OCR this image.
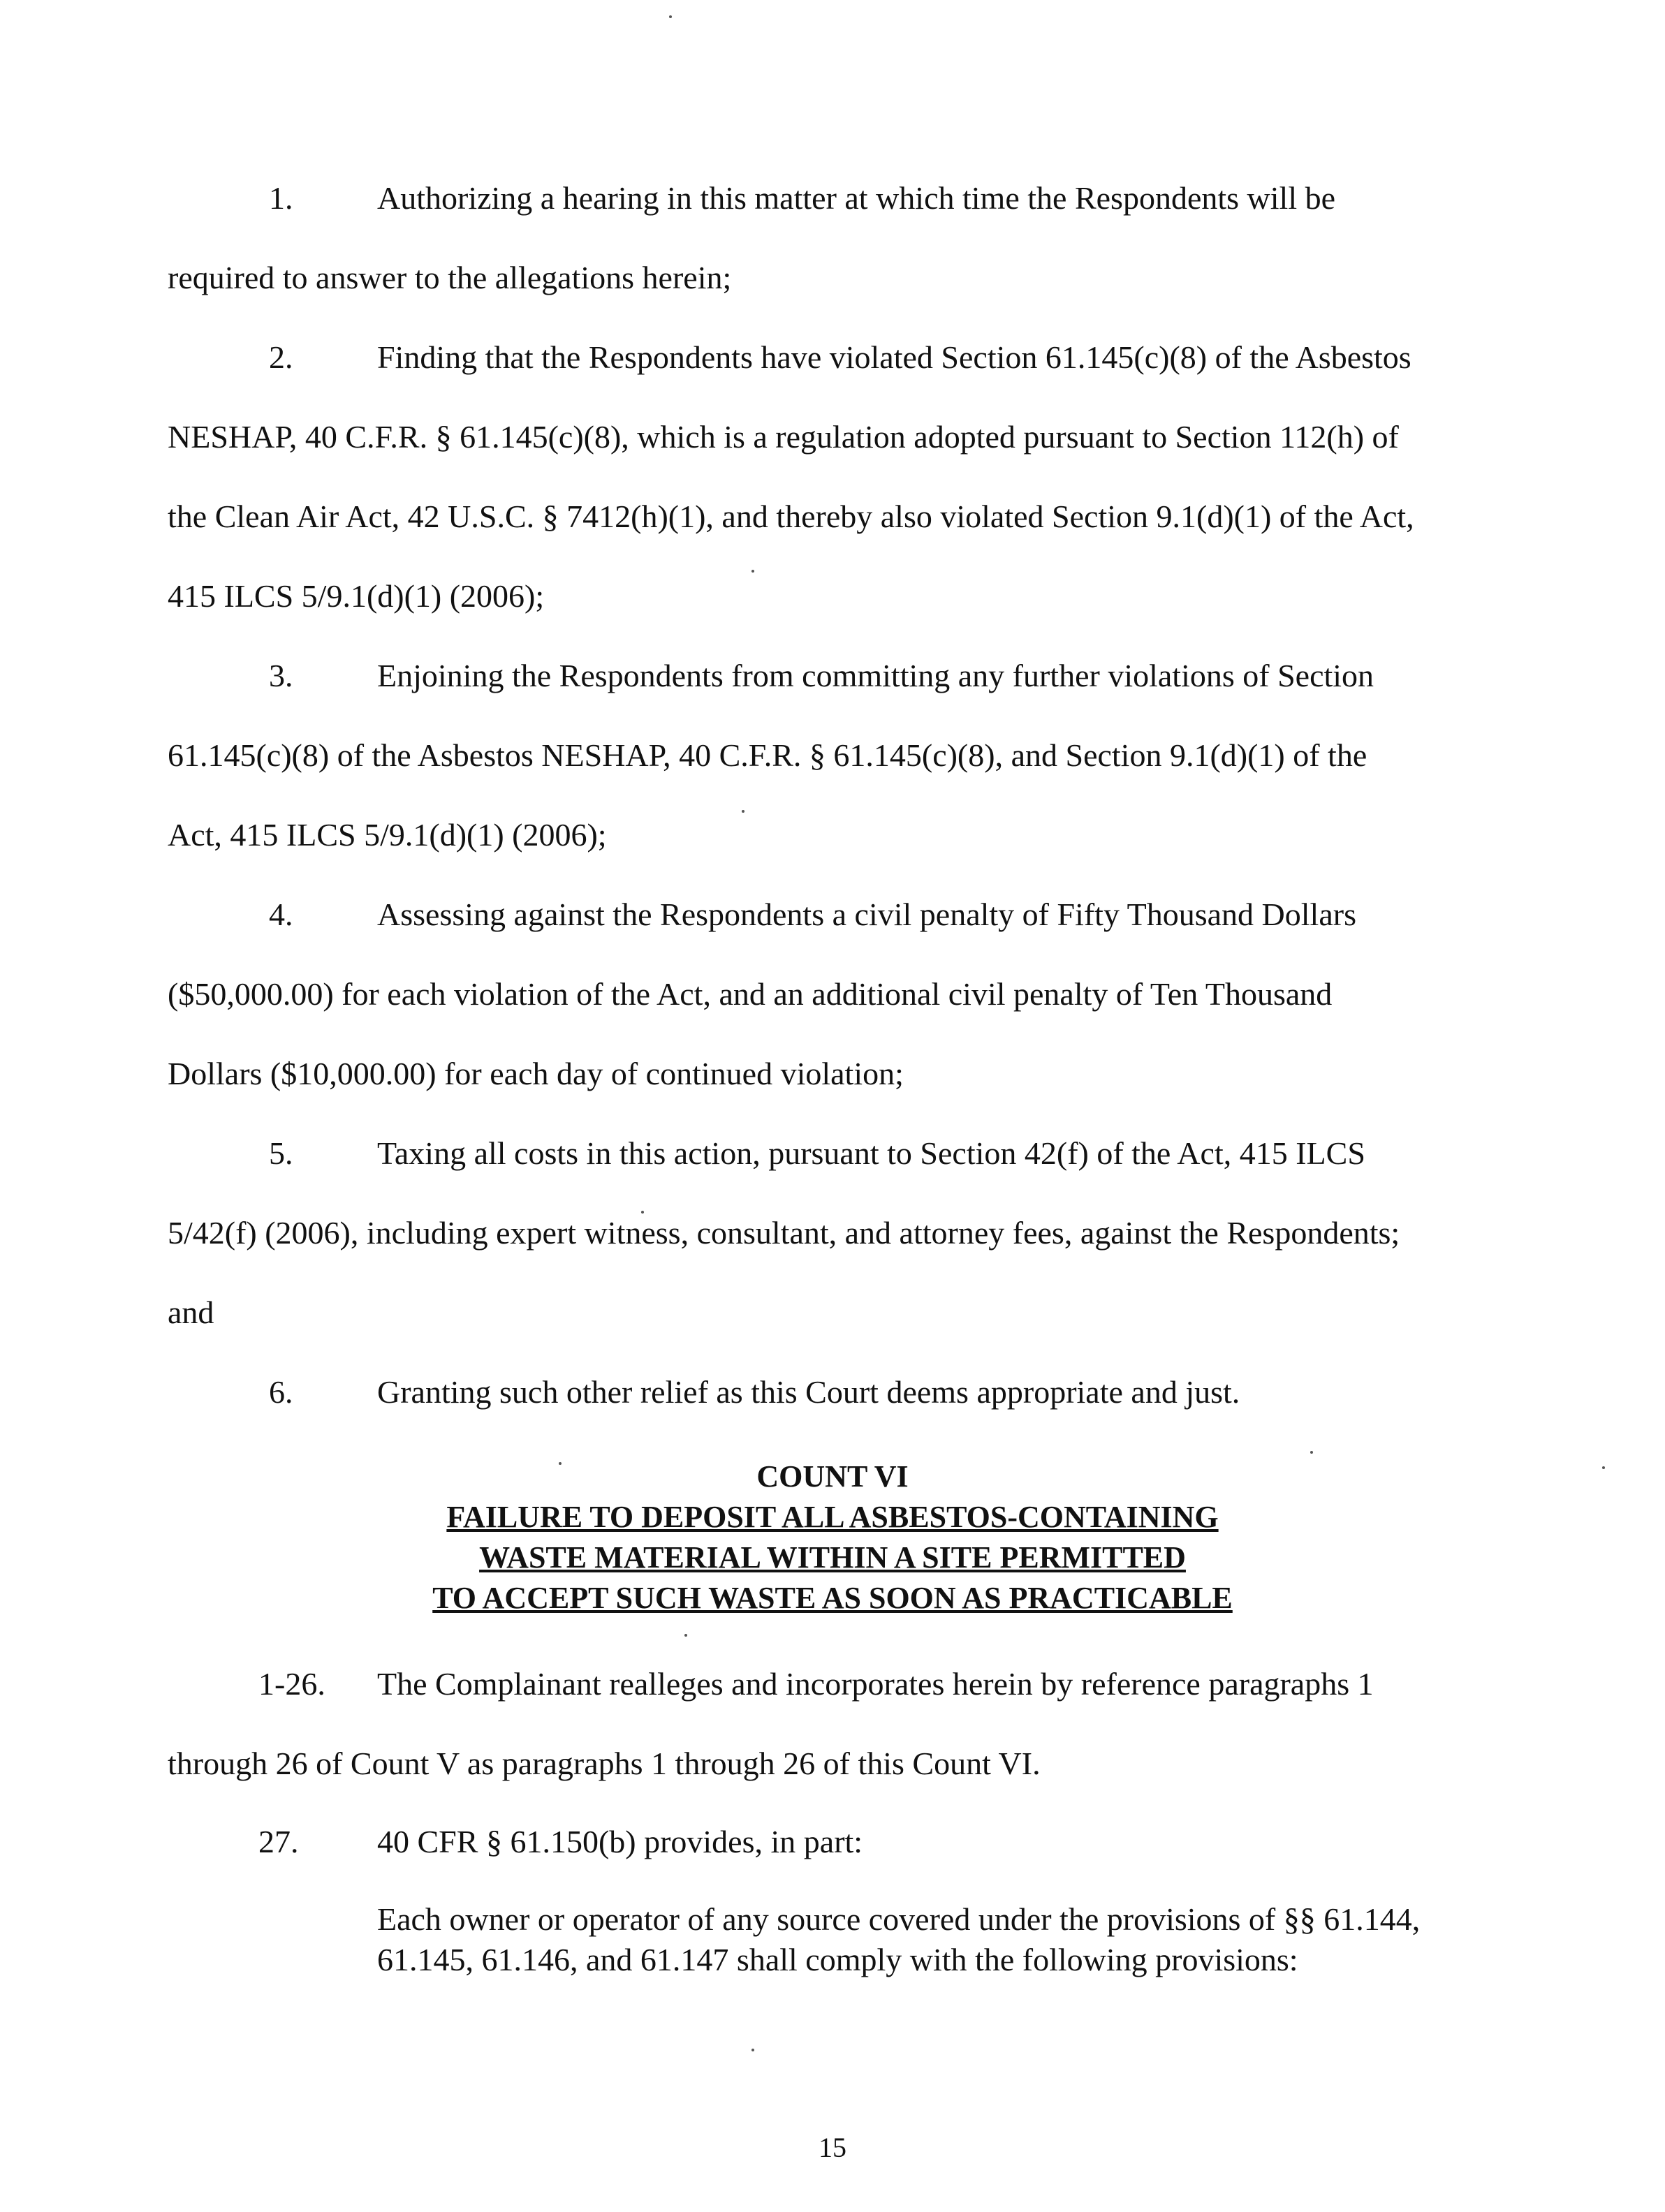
1.	Authorizing a hearing in this matter at which time the Respondents will be
required to answer to the allegations herein;
2.	Finding that the Respondents have violated Section 61.145(c)(8) of the Asbestos
NESHAP, 40 C.F.R. § 61.145(c)(8), which is a regulation adopted pursuant to Section 112(h) of
the Clean Air Act, 42 U.S.C. § 7412(h)(1), and thereby also violated Section 9.1(d)(1) of the Act,
415 ILCS 5/9.1(d)(1) (2006);
3.	Enjoining the Respondents from committing any further violations of Section
61.145(c)(8) of the Asbestos NESHAP, 40 C.F.R. § 61.145(c)(8), and Section 9.1(d)(1) of the
Act, 415 ILCS 5/9.1(d)(1) (2006);
4.	Assessing against the Respondents a civil penalty of Fifty Thousand Dollars
($50,000.00) for each violation of the Act, and an additional civil penalty of Ten Thousand
Dollars ($10,000.00) for each day of continued violation;
5.	Taxing all costs in this action, pursuant to Section 42(f) of the Act, 415 ILCS
5/42(f) (2006), including expert witness, consultant, and attorney fees, against the Respondents;
and
6.	Granting such other relief as this Court deems appropriate and just.
COUNT VI
FAILURE TO DEPOSIT ALL ASBESTOS-CONTAINING
WASTE MATERIAL WITHIN A SITE PERMITTED
TO ACCEPT SUCH WASTE AS SOON AS PRACTICABLE
1-26. The Complainant realleges and incorporates herein by reference paragraphs 1
through 26 of Count V as paragraphs 1 through 26 of this Count VI.
27. 40 CFR § 61.150(b) provides, in part:
Each owner or operator of any source covered under the provisions of §§ 61.144,
61.145, 61.146, and 61.147 shall comply with the following provisions:
15
